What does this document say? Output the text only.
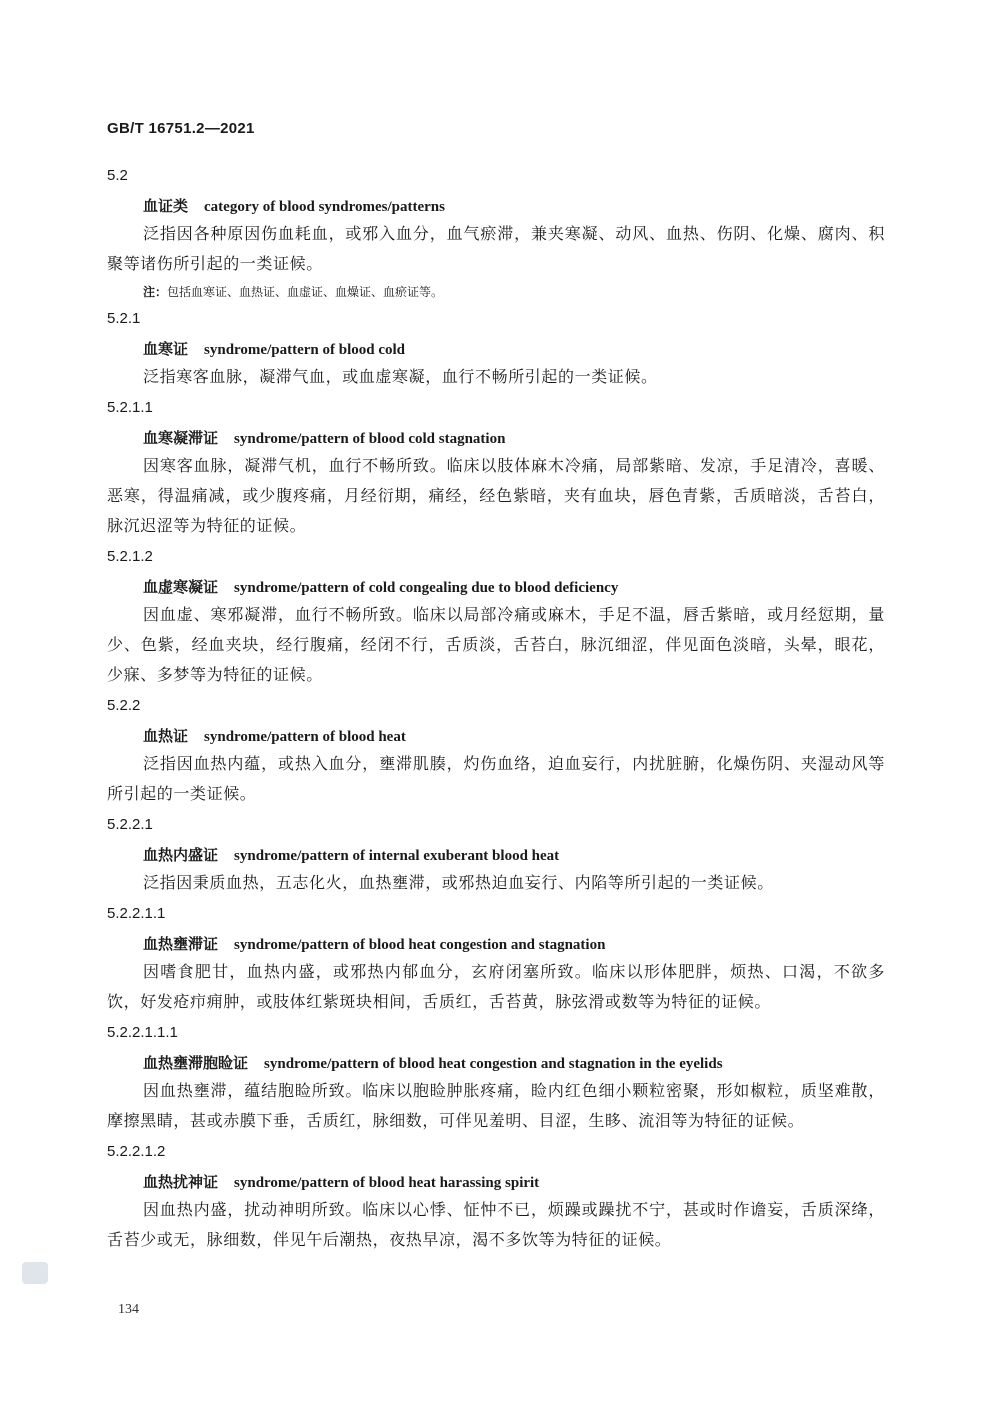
GB/T 16751.2—2021
5.2
血证类 category of blood syndromes/patterns

泛指因各种原因伤血耗血，或邪入血分，血气瘀滞，兼夹寒凝、动风、血热、伤阴、化燥、腐肉、积聚等诸伤所引起的一类证候。

注：包括血寒证、血热证、血虚证、血燥证、血瘀证等。
5.2.1
血寒证 syndrome/pattern of blood cold

泛指寒客血脉，凝滞气血，或血虚寒凝，血行不畅所引起的一类证候。

5.2.1.1
血寒凝滞证 syndrome/pattern of blood cold stagnation

因寒客血脉，凝滞气机，血行不畅所致。临床以肢体麻木冷痛，局部紫暗、发凉，手足清冷，喜暖、恶寒，得温痛减，或少腹疼痛，月经衍期，痛经，经色紫暗，夹有血块，唇色青紫，舌质暗淡，舌苔白，脉沉迟涩等为特征的证候。

5.2.1.2
血虚寒凝证 syndrome/pattern of cold congealing due to blood deficiency

因血虚、寒邪凝滞，血行不畅所致。临床以局部冷痛或麻木，手足不温，唇舌紫暗，或月经愆期，量少、色紫，经血夹块，经行腹痛，经闭不行，舌质淡，舌苔白，脉沉细涩，伴见面色淡暗，头晕，眼花，少寐、多梦等为特征的证候。

5.2.2
血热证 syndrome/pattern of blood heat

泛指因血热内蕴，或热入血分，壅滞肌腠，灼伤血络，迫血妄行，内扰脏腑，化燥伤阴、夹湿动风等所引起的一类证候。

5.2.2.1
血热内盛证 syndrome/pattern of internal exuberant blood heat

泛指因秉质血热，五志化火，血热壅滞，或邪热迫血妄行、内陷等所引起的一类证候。

5.2.2.1.1
血热壅滞证 syndrome/pattern of blood heat congestion and stagnation

因嗜食肥甘，血热内盛，或邪热内郁血分，玄府闭塞所致。临床以形体肥胖，烦热、口渴，不欲多饮，好发疮疖痈肿，或肢体红紫斑块相间，舌质红，舌苔黄，脉弦滑或数等为特征的证候。

5.2.2.1.1.1
血热壅滞胞睑证 syndrome/pattern of blood heat congestion and stagnation in the eyelids

因血热壅滞，蕴结胞睑所致。临床以胞睑肿胀疼痛，睑内红色细小颗粒密聚，形如椒粒，质坚难散，摩擦黑睛，甚或赤膜下垂，舌质红，脉细数，可伴见羞明、目涩，生眵、流泪等为特征的证候。

5.2.2.1.2
血热扰神证 syndrome/pattern of blood heat harassing spirit

因血热内盛，扰动神明所致。临床以心悸、怔忡不已，烦躁或躁扰不宁，甚或时作谵妄，舌质深绛，舌苔少或无，脉细数，伴见午后潮热，夜热早凉，渴不多饮等为特征的证候。

134
